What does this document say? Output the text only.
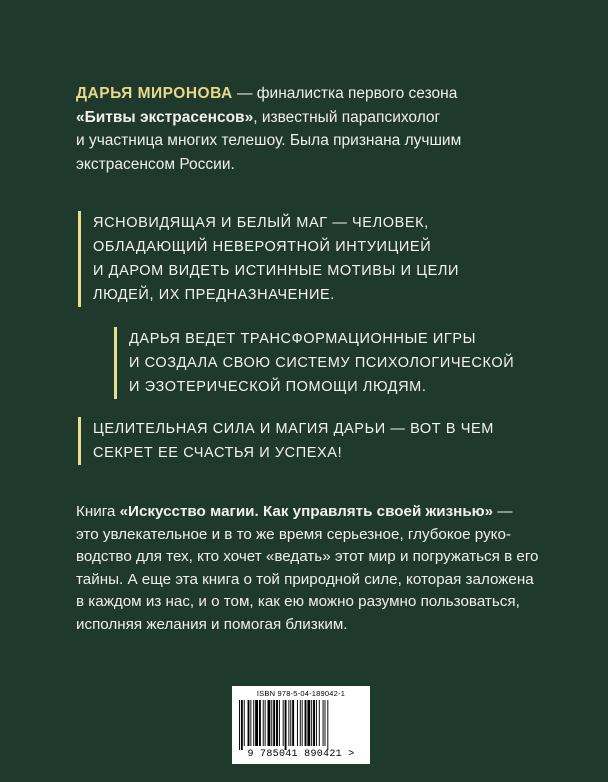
ДАРЬЯ МИРОНОВА — финалистка первого сезона
«Битвы экстрасенсов», известный парапсихолог
и участница многих телешоу. Была признана лучшим
экстрасенсом России.
ЯСНОВИДЯЩАЯ И БЕЛЫЙ МАГ — ЧЕЛОВЕК,
ОБЛАДАЮЩИЙ НЕВЕРОЯТНОЙ ИНТУИЦИЕЙ
И ДАРОМ ВИДЕТЬ ИСТИННЫЕ МОТИВЫ И ЦЕЛИ
ЛЮДЕЙ, ИХ ПРЕДНАЗНАЧЕНИЕ.
ДАРЬЯ ВЕДЕТ ТРАНСФОРМАЦИОННЫЕ ИГРЫ
И СОЗДАЛА СВОЮ СИСТЕМУ ПСИХОЛОГИЧЕСКОЙ
И ЭЗОТЕРИЧЕСКОЙ ПОМОЩИ ЛЮДЯМ.
ЦЕЛИТЕЛЬНАЯ СИЛА И МАГИЯ ДАРЬИ — ВОТ В ЧЕМ
СЕКРЕТ ЕЕ СЧАСТЬЯ И УСПЕХА!
Книга «Искусство магии. Как управлять своей жизнью» —
это увлекательное и в то же время серьезное, глубокое руко-
водство для тех, кто хочет «ведать» этот мир и погружаться в его
тайны. А еще эта книга о той природной силе, которая заложена
в каждом из нас, и о том, как ею можно разумно пользоваться,
исполняя желания и помогая близким.
ISBN 978-5-04-189042-1
9 785041 890421 >
